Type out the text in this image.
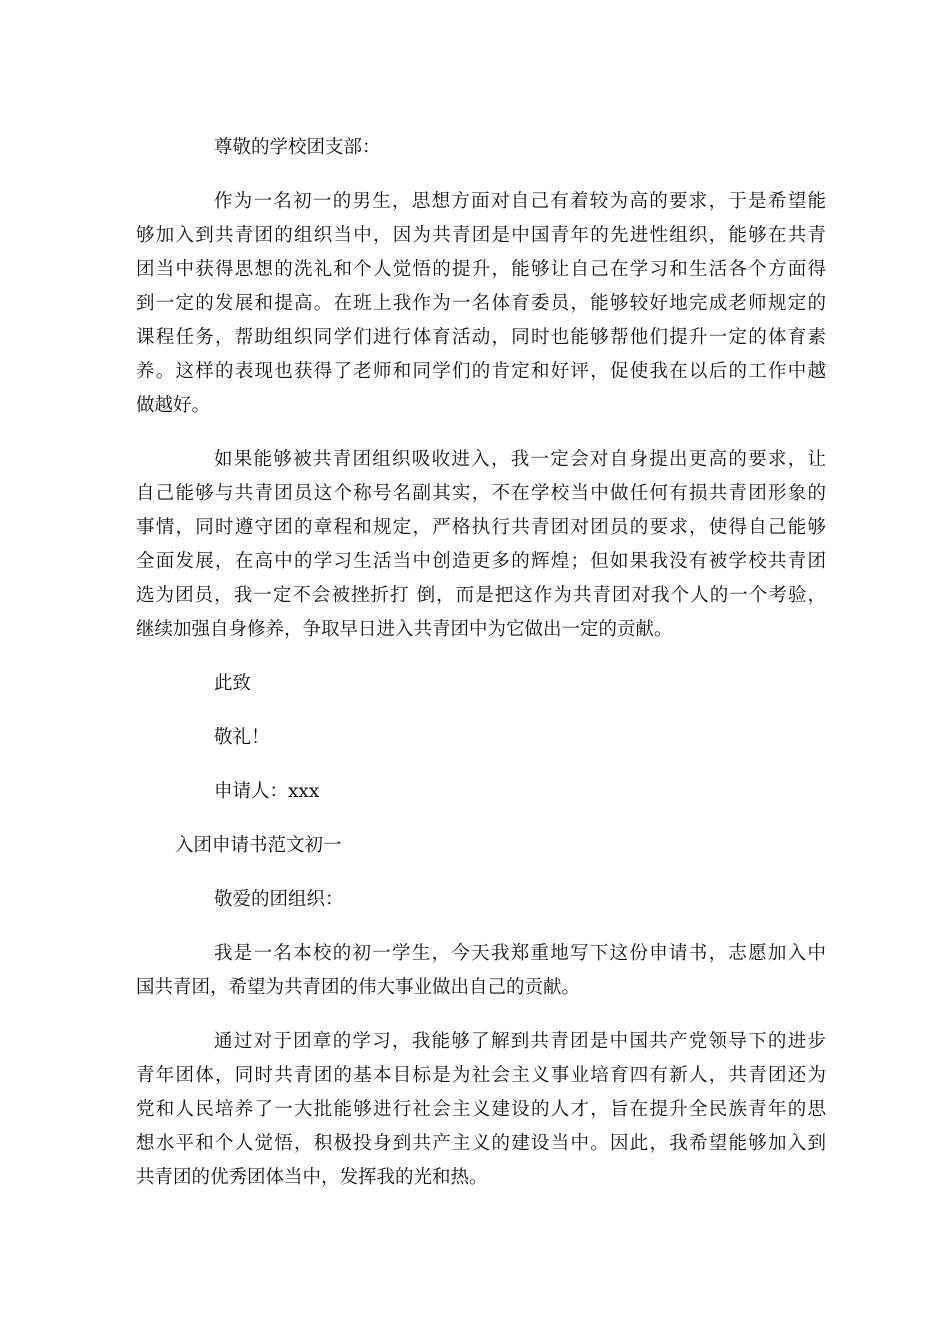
尊敬的学校团支部：
作为一名初一的男生，思想方面对自己有着较为高的要求，于是希望能
够加入到共青团的组织当中，因为共青团是中国青年的先进性组织，能够在共青
团当中获得思想的洗礼和个人觉悟的提升，能够让自己在学习和生活各个方面得
到一定的发展和提高。在班上我作为一名体育委员，能够较好地完成老师规定的
课程任务，帮助组织同学们进行体育活动，同时也能够帮他们提升一定的体育素
养。这样的表现也获得了老师和同学们的肯定和好评，促使我在以后的工作中越
做越好。
如果能够被共青团组织吸收进入，我一定会对自身提出更高的要求，让
自己能够与共青团员这个称号名副其实，不在学校当中做任何有损共青团形象的
事情，同时遵守团的章程和规定，严格执行共青团对团员的要求，使得自己能够
全面发展，在高中的学习生活当中创造更多的辉煌；但如果我没有被学校共青团
选为团员，我一定不会被挫折打 倒，而是把这作为共青团对我个人的一个考验，
继续加强自身修养，争取早日进入共青团中为它做出一定的贡献。
此致
敬礼！
申请人：xxx
入团申请书范文初一
敬爱的团组织：
我是一名本校的初一学生，今天我郑重地写下这份申请书，志愿加入中
国共青团，希望为共青团的伟大事业做出自己的贡献。
通过对于团章的学习，我能够了解到共青团是中国共产党领导下的进步
青年团体，同时共青团的基本目标是为社会主义事业培育四有新人，共青团还为
党和人民培养了一大批能够进行社会主义建设的人才，旨在提升全民族青年的思
想水平和个人觉悟，积极投身到共产主义的建设当中。因此，我希望能够加入到
共青团的优秀团体当中，发挥我的光和热。
